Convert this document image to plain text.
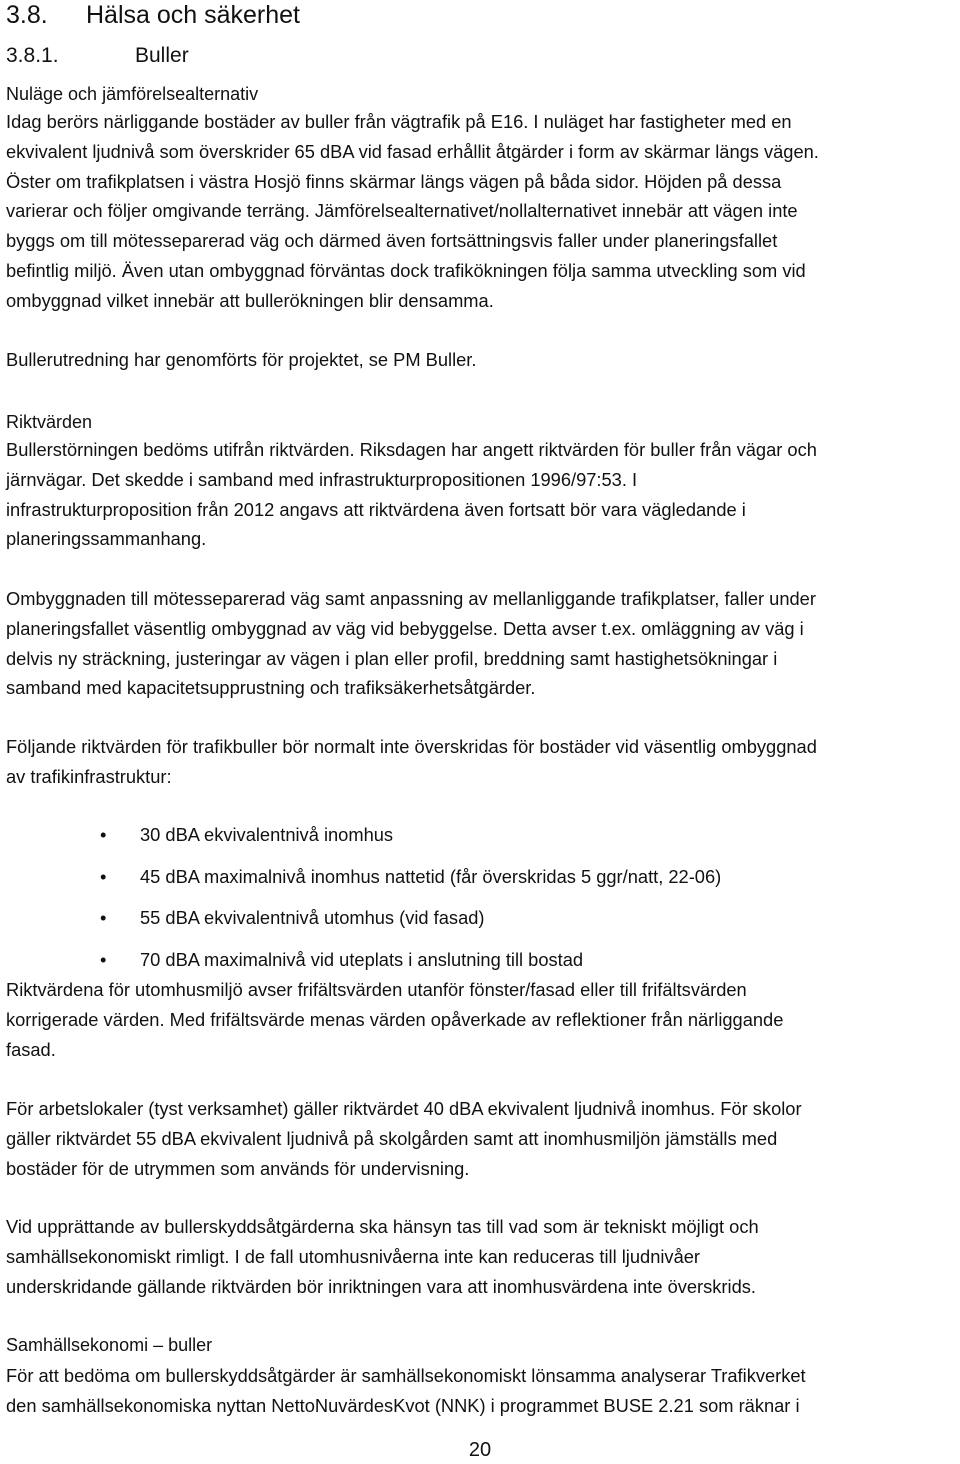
3.8. Hälsa och säkerhet
3.8.1.	Buller
Nuläge och jämförelsealternativ
Idag berörs närliggande bostäder av buller från vägtrafik på E16. I nuläget har fastigheter med en
ekvivalent ljudnivå som överskrider 65 dBA vid fasad erhållit åtgärder i form av skärmar längs vägen.
Öster om trafikplatsen i västra Hosjö finns skärmar längs vägen på båda sidor. Höjden på dessa
varierar och följer omgivande terräng. Jämförelsealternativet/nollalternativet innebär att vägen inte
byggs om till mötesseparerad väg och därmed även fortsättningsvis faller under planeringsfallet
befintlig miljö. Även utan ombyggnad förväntas dock trafikökningen följa samma utveckling som vid
ombyggnad vilket innebär att bullerökningen blir densamma.
Bullerutredning har genomförts för projektet, se PM Buller.
Riktvärden
Bullerstörningen bedöms utifrån riktvärden. Riksdagen har angett riktvärden för buller från vägar och
järnvägar. Det skedde i samband med infrastrukturpropositionen 1996/97:53. I
infrastrukturproposition från 2012 angavs att riktvärdena även fortsatt bör vara vägledande i
planeringssammanhang.
Ombyggnaden till mötesseparerad väg samt anpassning av mellanliggande trafikplatser, faller under
planeringsfallet väsentlig ombyggnad av väg vid bebyggelse. Detta avser t.ex. omläggning av väg i
delvis ny sträckning, justeringar av vägen i plan eller profil, breddning samt hastighetsökningar i
samband med kapacitetsupprustning och trafiksäkerhetsåtgärder.
Följande riktvärden för trafikbuller bör normalt inte överskridas för bostäder vid väsentlig ombyggnad
av trafikinfrastruktur:
•	30 dBA ekvivalentnivå inomhus
•	45 dBA maximalnivå inomhus nattetid (får överskridas 5 ggr/natt, 22-06)
•	55 dBA ekvivalentnivå utomhus (vid fasad)
•	70 dBA maximalnivå vid uteplats i anslutning till bostad
Riktvärdena för utomhusmiljö avser frifältsvärden utanför fönster/fasad eller till frifältsvärden
korrigerade värden. Med frifältsvärde menas värden opåverkade av reflektioner från närliggande
fasad.
För arbetslokaler (tyst verksamhet) gäller riktvärdet 40 dBA ekvivalent ljudnivå inomhus. För skolor
gäller riktvärdet 55 dBA ekvivalent ljudnivå på skolgården samt att inomhusmiljön jämställs med
bostäder för de utrymmen som används för undervisning.
Vid upprättande av bullerskyddsåtgärderna ska hänsyn tas till vad som är tekniskt möjligt och
samhällsekonomiskt rimligt. I de fall utomhusnivåerna inte kan reduceras till ljudnivåer
underskridande gällande riktvärden bör inriktningen vara att inomhusvärdena inte överskrids.
Samhällsekonomi – buller
För att bedöma om bullerskyddsåtgärder är samhällsekonomiskt lönsamma analyserar Trafikverket
den samhällsekonomiska nyttan NettoNuvärdesKvot (NNK) i programmet BUSE 2.21 som räknar i
20
